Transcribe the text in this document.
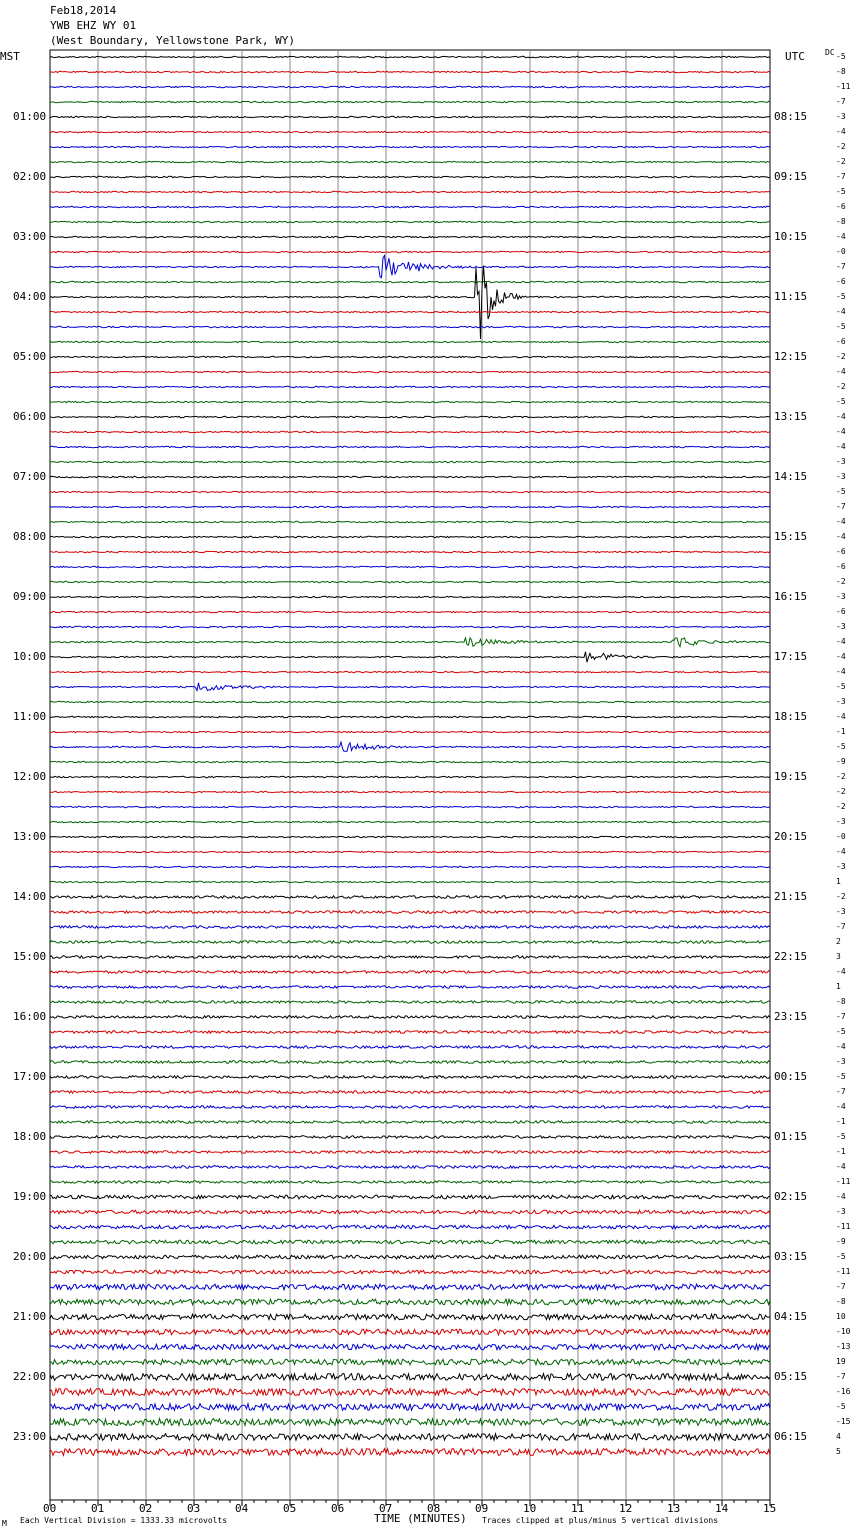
Feb18,2014
YWB EHZ WY 01
(West Boundary, Yellowstone Park, WY)
MST	UTC	DC
01:00
02:00
03:00
04:00
05:00
06:00
07:00
08:00
09:00
10:00
11:00
12:00
13:00
14:00
15:00
16:00
17:00
18:00
19:00
20:00
21:00
22:00
23:00
08:15
09:15
10:15
11:15
12:15
13:15
14:15
15:15
16:15
17:15
18:15
19:15
20:15
21:15
22:15
23:15
00:15
01:15
02:15
03:15
04:15
05:15
06:15
-5
-8
-11
-7
-3
-4
-2
-2
-7
-5
-6
-8
-4
-0
-7
-6
-5
-4
-5
-6
-2
-4
-2
-5
-4
-4
-4
-3
-3
-5
-7
-4
-4
-6
-6
-2
-3
-6
-3
-4
-4
-4
-5
-3
-4
-1
-5
-9
-2
-2
-2
-3
-0
-4
-3
1
-2
-3
-7
2
3
-4
1
-8
-7
-5
-4
-3
-5
-7
-4
-1
-5
-1
-4
-11
-4
-3
-11
-9
-5
-11
-7
-8
10
-10
-13
19
-7
-16
-5
-15
4
5
00	01	02	03	04	05	06	07	08	09	10	11	12	13	14	15
TIME (MINUTES)
Each Vertical Division = 1333.33 microvolts	Traces clipped at plus/minus 5 vertical divisions
M
